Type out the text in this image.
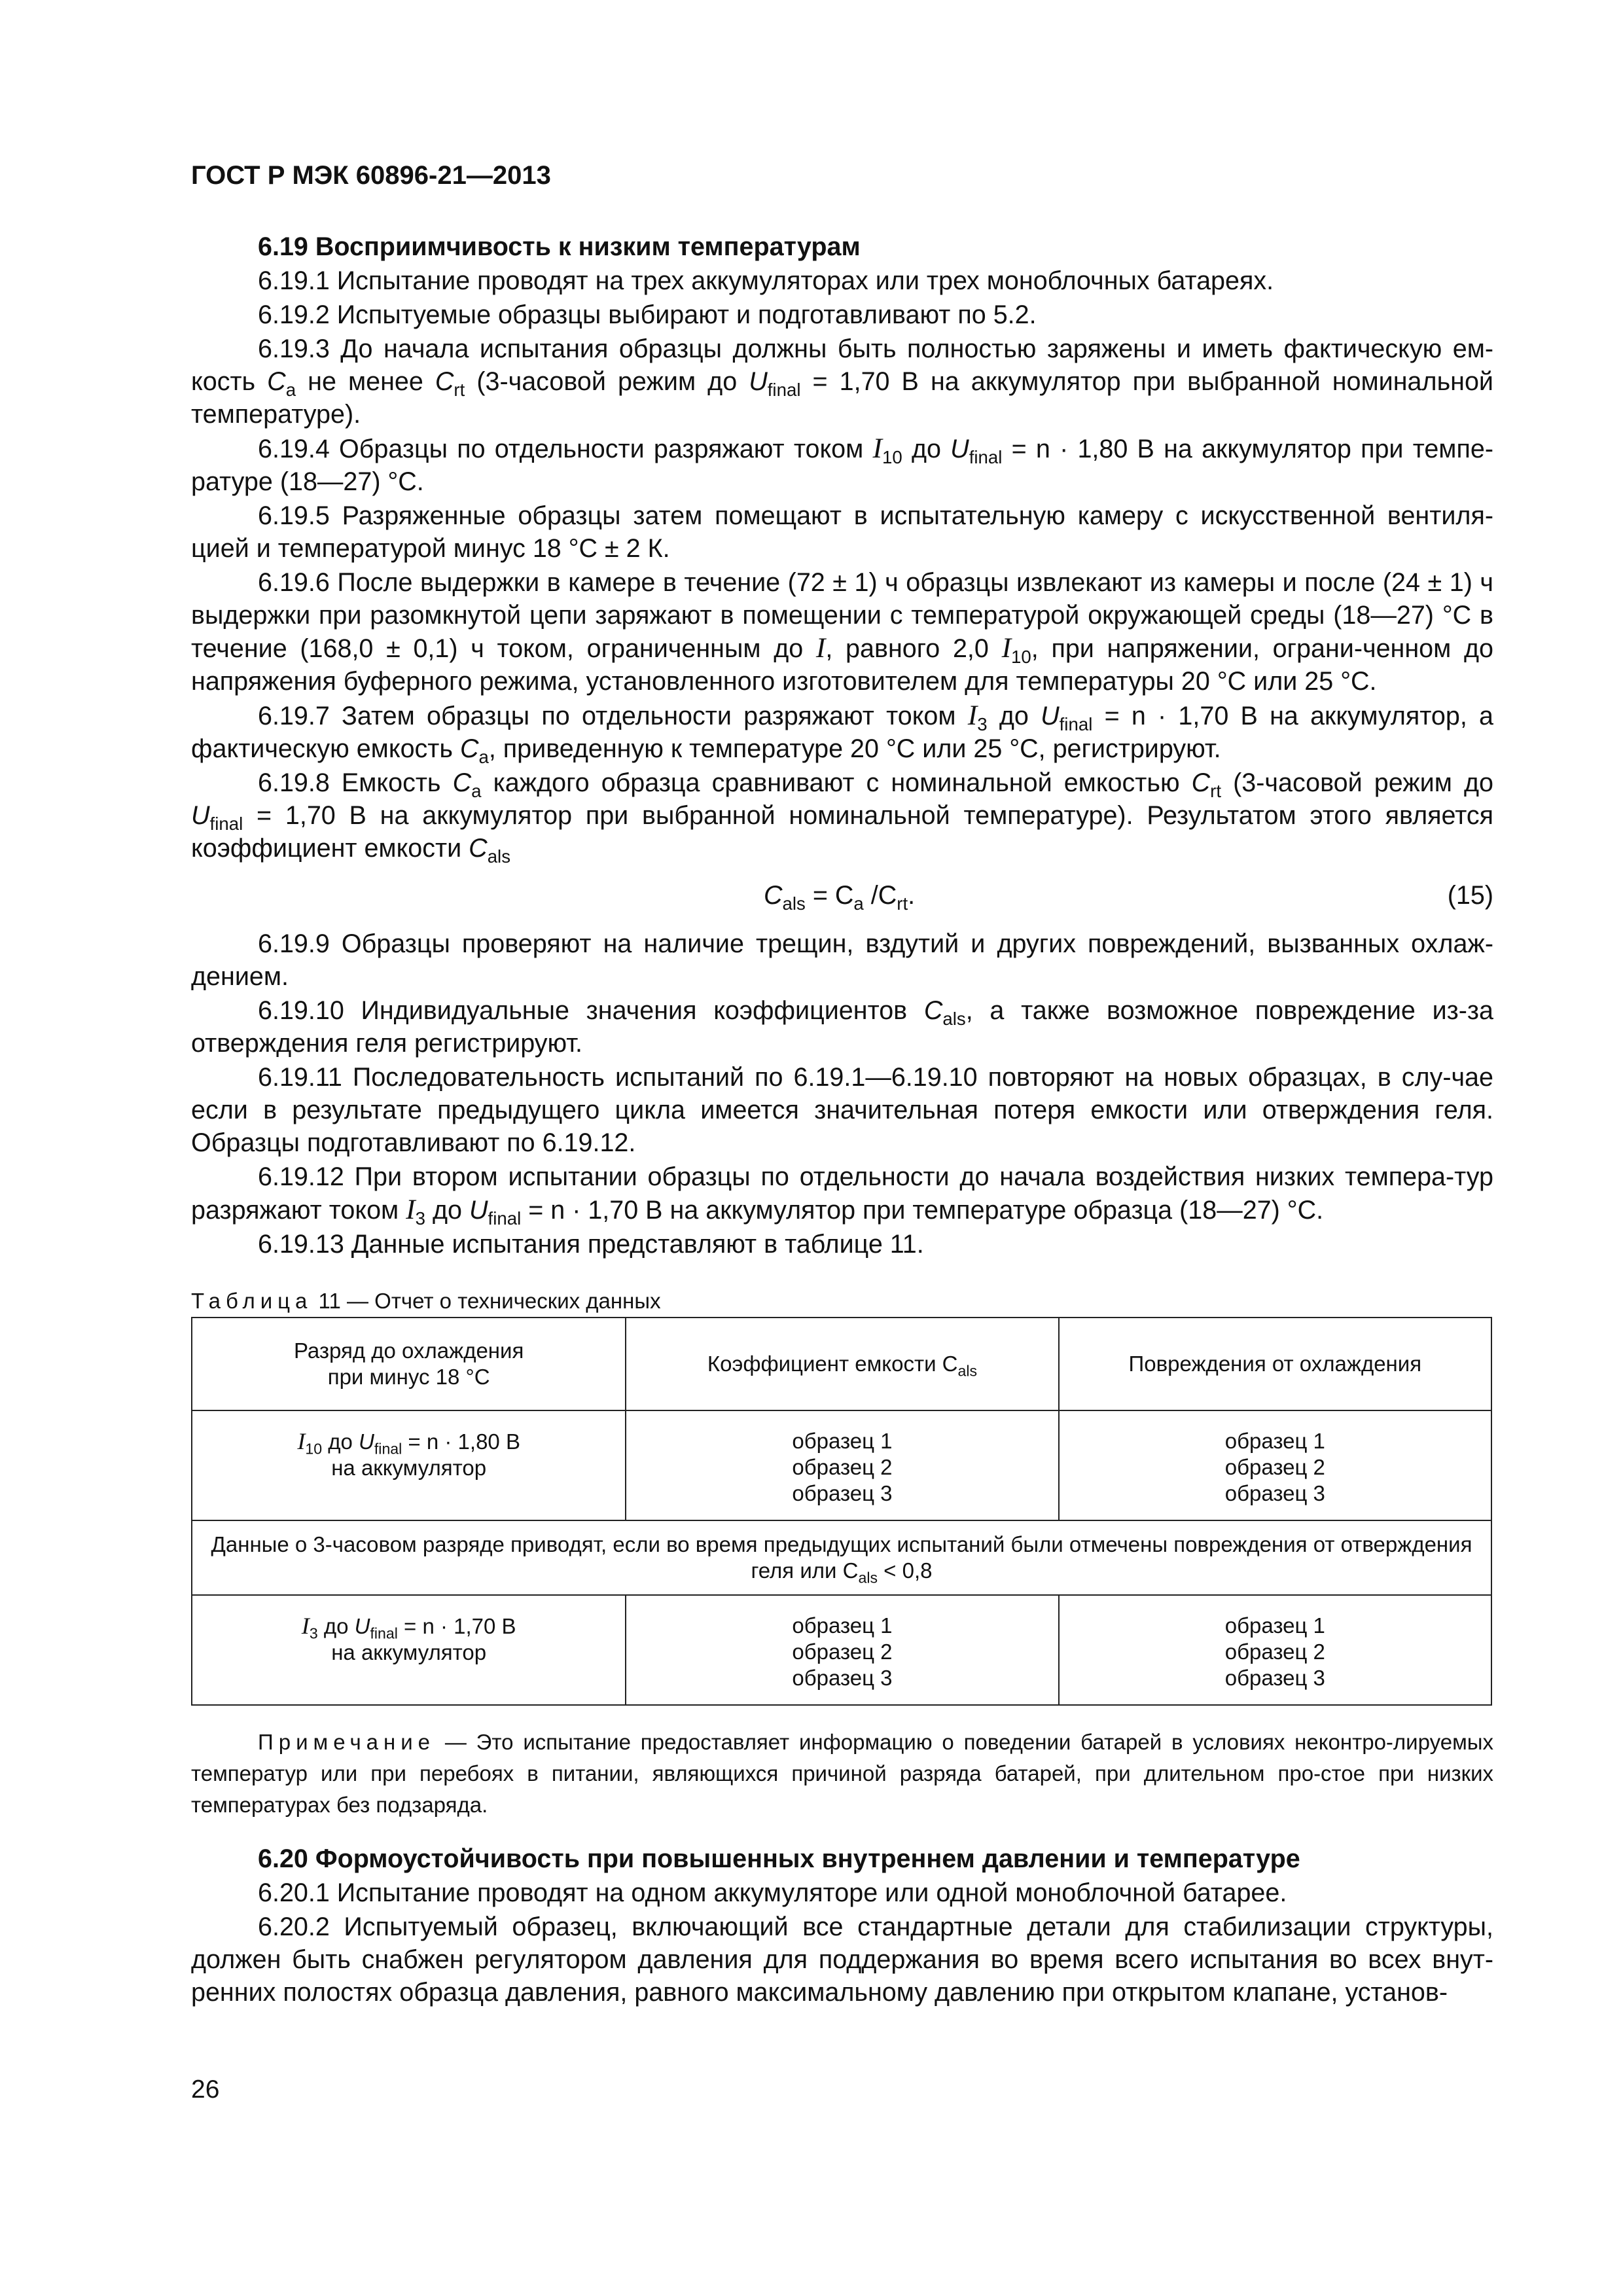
ГОСТ Р МЭК 60896-21—2013

6.19 Восприимчивость к низким температурам

6.19.1 Испытание проводят на трех аккумуляторах или трех моноблочных батареях.

6.19.2 Испытуемые образцы выбирают и подготавливают по 5.2.

6.19.3 До начала испытания образцы должны быть полностью заряжены и иметь фактическую ем-кость $C_a$ не менее $C_{rt}$ (3-часовой режим до $U_{final} = 1,70$ В на аккумулятор при выбранной номинальной температуре).

6.19.4 Образцы по отдельности разряжают током $I_{10}$ до $U_{final} = n \cdot 1,80$ В на аккумулятор при темпе-ратуре (18—27) °С.

6.19.5 Разряженные образцы затем помещают в испытательную камеру с искусственной вентиля-цией и температурой минус 18 °С ± 2 К.

6.19.6 После выдержки в камере в течение (72 ± 1) ч образцы извлекают из камеры и после (24 ± 1) ч выдержки при разомкнутой цепи заряжают в помещении с температурой окружающей среды (18—27) °С в течение (168,0 ± 0,1) ч током, ограниченным до I, равного 2,0 $I_{10}$, при напряжении, ограни-ченном до напряжения буферного режима, установленного изготовителем для температуры 20 °С или 25 °С.

6.19.7 Затем образцы по отдельности разряжают током $I_3$ до $U_{final} = n \cdot 1,70$ В на аккумулятор, а фактическую емкость $C_a$, приведенную к температуре 20 °С или 25 °С, регистрируют.

6.19.8 Емкость $C_a$ каждого образца сравнивают с номинальной емкостью $C_{rt}$ (3-часовой режим до $U_{final} = 1,70$ В на аккумулятор при выбранной номинальной температуре). Результатом этого является коэффициент емкости $C_{als}$

$C_{als} = C_a$ $/C_{rt}$.	(15)

6.19.9 Образцы проверяют на наличие трещин, вздутий и других повреждений, вызванных охлаж-дением.

6.19.10 Индивидуальные значения коэффициентов $C_{als}$, а также возможное повреждение из-за отверждения геля регистрируют.

6.19.11 Последовательность испытаний по 6.19.1—6.19.10 повторяют на новых образцах, в слу-чае если в результате предыдущего цикла имеется значительная потеря емкости или отверждения геля. Образцы подготавливают по 6.19.12.

6.19.12 При втором испытании образцы по отдельности до начала воздействия низких темпера-тур разряжают током $I_3$ до $U_{final} = n \cdot 1,70$ В на аккумулятор при температуре образца (18—27) °С.

6.19.13 Данные испытания представляют в таблице 11.

Таблица 11 — Отчет о технических данных
Разряд до охлаждения
при минус 18 °С	Коэффициент емкости $C_{als}$	Повреждения от охлаждения
$I_{10}$ до $U_{final} = n \cdot 1,80$ В
на аккумулятор	образец 1
образец 2
образец 3	образец 1
образец 2
образец 3
Данные о 3-часовом разряде приводят, если во время предыдущих испытаний были отмечены повреждения от отверждения геля или $C_{als} < 0,8$		
$I_3$ до $U_{final} = n \cdot 1,70$ В
на аккумулятор	образец 1
образец 2
образец 3	образец 1
образец 2
образец 3

Примечание — Это испытание предоставляет информацию о поведении батарей в условиях неконтро-лируемых температур или при перебоях в питании, являющихся причиной разряда батарей, при длительном про-стое при низких температурах без подзаряда.

6.20 Формоустойчивость при повышенных внутреннем давлении и температуре

6.20.1 Испытание проводят на одном аккумуляторе или одной моноблочной батарее.

6.20.2 Испытуемый образец, включающий все стандартные детали для стабилизации структуры, должен быть снабжен регулятором давления для поддержания во время всего испытания во всех внут-ренних полостях образца давления, равного максимальному давлению при открытом клапане, установ-

26
